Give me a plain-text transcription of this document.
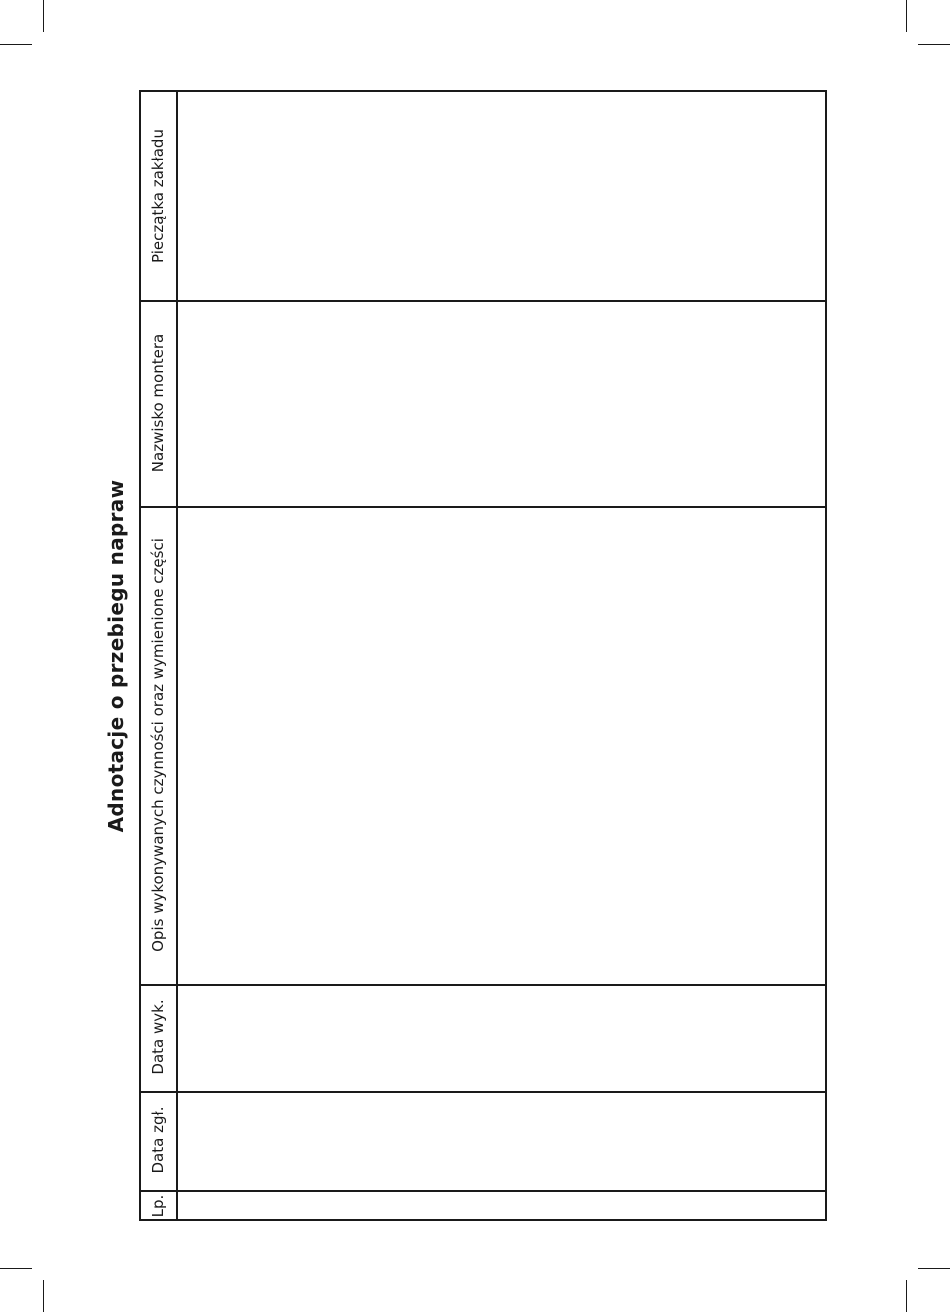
Adnotacje o przebiegu napraw
Pieczątka zakładu
Nazwisko montera
Opis wykonywanych czynności oraz wymienione części
Data wyk.
Data zgł.
Lp.
